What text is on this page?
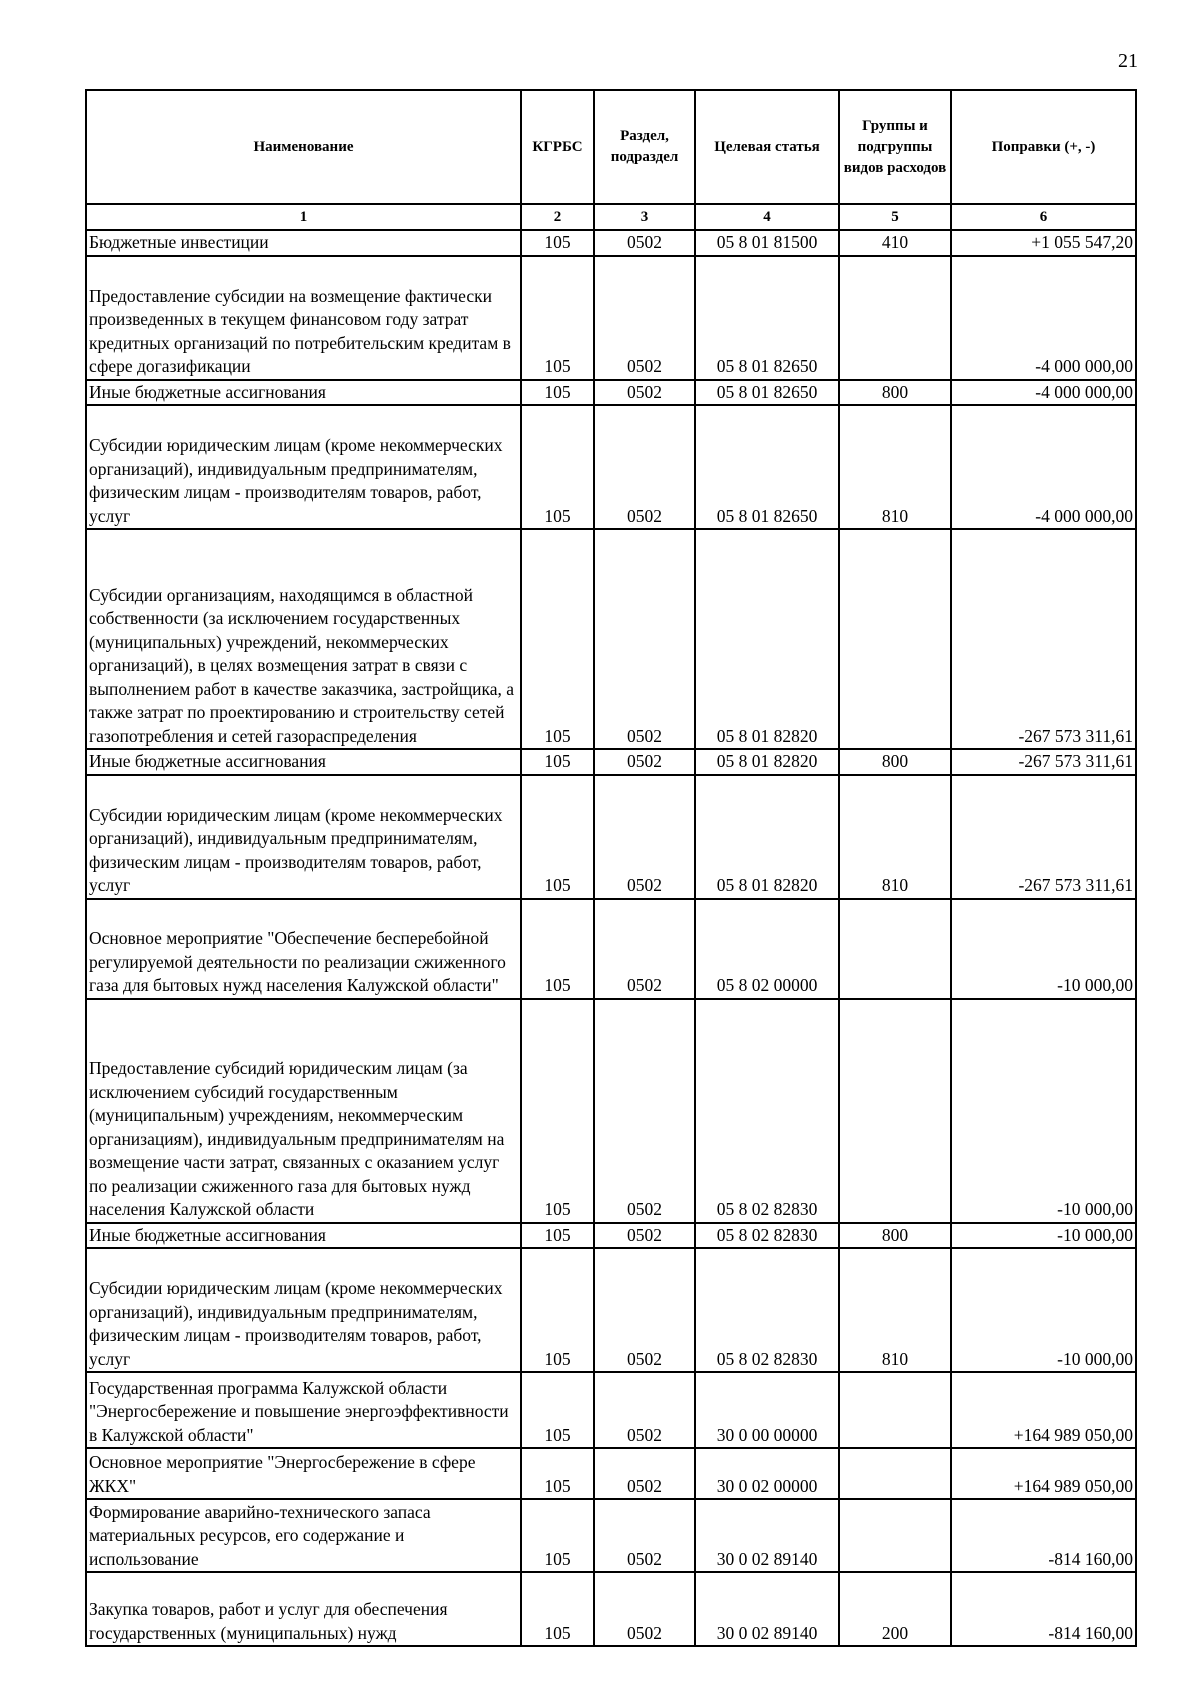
21
Наименование	КГРБС	Раздел, подраздел	Целевая статья	Группы и подгруппы видов расходов	Поправки (+, -)
1	2	3	4	5	6
Бюджетные инвестиции	105	0502	05 8 01 81500	410	+1 055 547,20
Предоставление субсидии на возмещение фактически произведенных в текущем финансовом году затрат кредитных организаций по потребительским кредитам в сфере догазификации	105	0502	05 8 01 82650		-4 000 000,00
Иные бюджетные ассигнования	105	0502	05 8 01 82650	800	-4 000 000,00
Субсидии юридическим лицам (кроме некоммерческих организаций), индивидуальным предпринимателям, физическим лицам - производителям товаров, работ, услуг	105	0502	05 8 01 82650	810	-4 000 000,00
Субсидии организациям, находящимся в областной собственности (за исключением государственных (муниципальных) учреждений, некоммерческих организаций), в целях возмещения затрат в связи с выполнением работ в качестве заказчика, застройщика, а также затрат по проектированию и строительству сетей газопотребления и сетей газораспределения	105	0502	05 8 01 82820		-267 573 311,61
Иные бюджетные ассигнования	105	0502	05 8 01 82820	800	-267 573 311,61
Субсидии юридическим лицам (кроме некоммерческих организаций), индивидуальным предпринимателям, физическим лицам - производителям товаров, работ, услуг	105	0502	05 8 01 82820	810	-267 573 311,61
Основное мероприятие "Обеспечение бесперебойной регулируемой деятельности по реализации сжиженного газа для бытовых нужд населения Калужской области"	105	0502	05 8 02 00000		-10 000,00
Предоставление субсидий юридическим лицам (за исключением субсидий государственным (муниципальным) учреждениям, некоммерческим организациям), индивидуальным предпринимателям на возмещение части затрат, связанных с оказанием услуг по реализации сжиженного газа для бытовых нужд населения Калужской области	105	0502	05 8 02 82830		-10 000,00
Иные бюджетные ассигнования	105	0502	05 8 02 82830	800	-10 000,00
Субсидии юридическим лицам (кроме некоммерческих организаций), индивидуальным предпринимателям, физическим лицам - производителям товаров, работ, услуг	105	0502	05 8 02 82830	810	-10 000,00
Государственная программа Калужской области "Энергосбережение и повышение энергоэффективности в Калужской области"	105	0502	30 0 00 00000		+164 989 050,00
Основное мероприятие "Энергосбережение в сфере ЖКХ"	105	0502	30 0 02 00000		+164 989 050,00
Формирование аварийно-технического запаса материальных ресурсов, его содержание и использование	105	0502	30 0 02 89140		-814 160,00
Закупка товаров, работ и услуг для обеспечения государственных (муниципальных) нужд	105	0502	30 0 02 89140	200	-814 160,00
